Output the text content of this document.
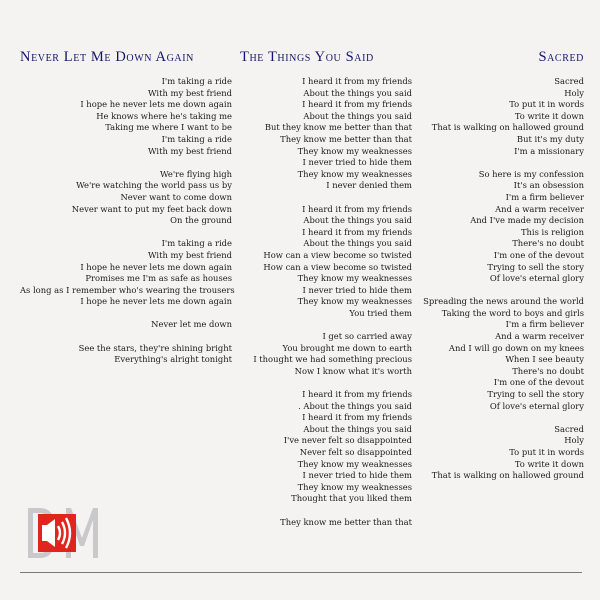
Never Let Me Down Again
I'm taking a ride
With my best friend
I hope he never lets me down again
He knows where he's taking me
Taking me where I want to be
I'm taking a ride
With my best friend
We're flying high
We're watching the world pass us by
Never want to come down
Never want to put my feet back down
On the ground
I'm taking a ride
With my best friend
I hope he never lets me down again
Promises me I'm as safe as houses
As long as I remember who's wearing the trousers
I hope he never lets me down again
Never let me down
See the stars, they're shining bright
Everything's alright tonight
The Things You Said
I heard it from my friends
About the things you said
I heard it from my friends
About the things you said
But they know me better than that
They know me better than that
They know my weaknesses
I never tried to hide them
They know my weaknesses
I never denied them
I heard it from my friends
About the things you said
I heard it from my friends
About the things you said
How can a view become so twisted
How can a view become so twisted
They know my weaknesses
I never tried to hide them
They know my weaknesses
You tried them
I get so carried away
You brought me down to earth
I thought we had something precious
Now I know what it's worth
I heard it from my friends
. About the things you said
I heard it from my friends
About the things you said
I've never felt so disappointed
Never felt so disappointed
They know my weaknesses
I never tried to hide them
They know my weaknesses
Thought that you liked them
They know me better than that
Sacred
Sacred
Holy
To put it in words
To write it down
That is walking on hallowed ground
But it's my duty
I'm a missionary
So here is my confession
It's an obsession
I'm a firm believer
And a warm receiver
And I've made my decision
This is religion
There's no doubt
I'm one of the devout
Trying to sell the story
Of love's eternal glory
Spreading the news around the world
Taking the word to boys and girls
I'm a firm believer
And a warm receiver
And I will go down on my knees
When I see beauty
There's no doubt
I'm one of the devout
Trying to sell the story
Of love's eternal glory
Sacred
Holy
To put it in words
To write it down
That is walking on hallowed ground
